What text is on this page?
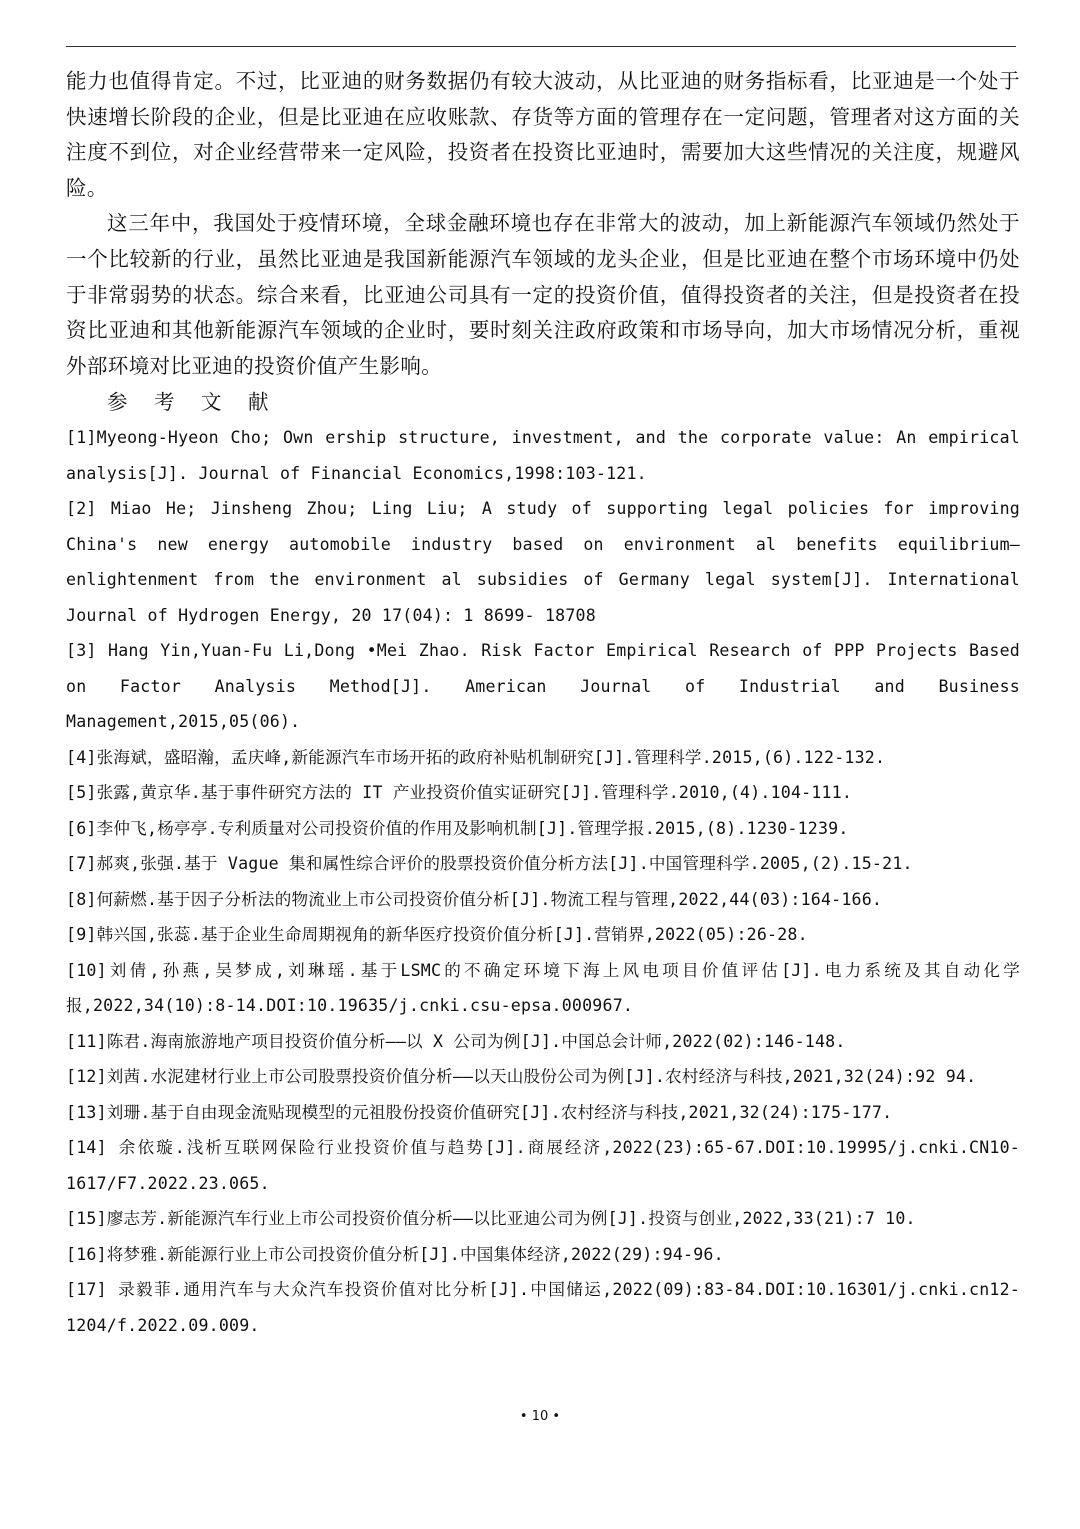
能力也值得肯定。不过，比亚迪的财务数据仍有较大波动，从比亚迪的财务指标看，比亚迪是一个处于快速增长阶段的企业，但是比亚迪在应收账款、存货等方面的管理存在一定问题，管理者对这方面的关注度不到位，对企业经营带来一定风险，投资者在投资比亚迪时，需要加大这些情况的关注度，规避风险。

这三年中，我国处于疫情环境，全球金融环境也存在非常大的波动，加上新能源汽车领域仍然处于一个比较新的行业，虽然比亚迪是我国新能源汽车领域的龙头企业，但是比亚迪在整个市场环境中仍处于非常弱势的状态。综合来看，比亚迪公司具有一定的投资价值，值得投资者的关注，但是投资者在投资比亚迪和其他新能源汽车领域的企业时，要时刻关注政府政策和市场导向，加大市场情况分析，重视外部环境对比亚迪的投资价值产生影响。

参 考 文 献

[1]Myeong-Hyeon Cho; Own ership structure, investment, and the corporate value: An empirical analysis[J]. Journal of Financial Economics,1998:103-121.
[2] Miao He; Jinsheng Zhou; Ling Liu; A study of supporting legal policies for improving China's new energy automobile industry based on environment al benefits equilibrium—enlightenment from the environment al subsidies of Germany legal system[J]. International Journal of Hydrogen Energy, 20 17(04): 1 8699- 18708
[3] Hang Yin,Yuan-Fu Li,Dong •Mei Zhao. Risk Factor Empirical Research of PPP Projects Based on Factor Analysis Method[J]. American Journal of Industrial and Business Management,2015,05(06).
[4]张海斌，盛昭瀚，孟庆峰,新能源汽车市场开拓的政府补贴机制研究[J].管理科学.2015,(6).122-132.
[5]张露,黄京华.基于事件研究方法的 IT 产业投资价值实证研究[J].管理科学.2010,(4).104-111.
[6]李仲飞,杨亭亭.专利质量对公司投资价值的作用及影响机制[J].管理学报.2015,(8).1230-1239.
[7]郝爽,张强.基于 Vague 集和属性综合评价的股票投资价值分析方法[J].中国管理科学.2005,(2).15-21.
[8]何薪燃.基于因子分析法的物流业上市公司投资价值分析[J].物流工程与管理,2022,44(03):164-166.
[9]韩兴国,张蕊.基于企业生命周期视角的新华医疗投资价值分析[J].营销界,2022(05):26-28.
[10]刘倩,孙燕,吴梦成,刘琳瑶.基于LSMC的不确定环境下海上风电项目价值评估[J].电力系统及其自动化学报,2022,34(10):8-14.DOI:10.19635/j.cnki.csu-epsa.000967.
[11]陈君.海南旅游地产项目投资价值分析——以 X 公司为例[J].中国总会计师,2022(02):146-148.
[12]刘茜.水泥建材行业上市公司股票投资价值分析——以天山股份公司为例[J].农村经济与科技,2021,32(24):92 94.
[13]刘珊.基于自由现金流贴现模型的元祖股份投资价值研究[J].农村经济与科技,2021,32(24):175-177.
[14] 余依璇.浅析互联网保险行业投资价值与趋势[J].商展经济,2022(23):65-67.DOI:10.19995/j.cnki.CN10-1617/F7.2022.23.065.
[15]廖志芳.新能源汽车行业上市公司投资价值分析——以比亚迪公司为例[J].投资与创业,2022,33(21):7 10.
[16]将梦雅.新能源行业上市公司投资价值分析[J].中国集体经济,2022(29):94-96.
[17] 录毅菲.通用汽车与大众汽车投资价值对比分析[J].中国储运,2022(09):83-84.DOI:10.16301/j.cnki.cn12-1204/f.2022.09.009.
• 10 •
